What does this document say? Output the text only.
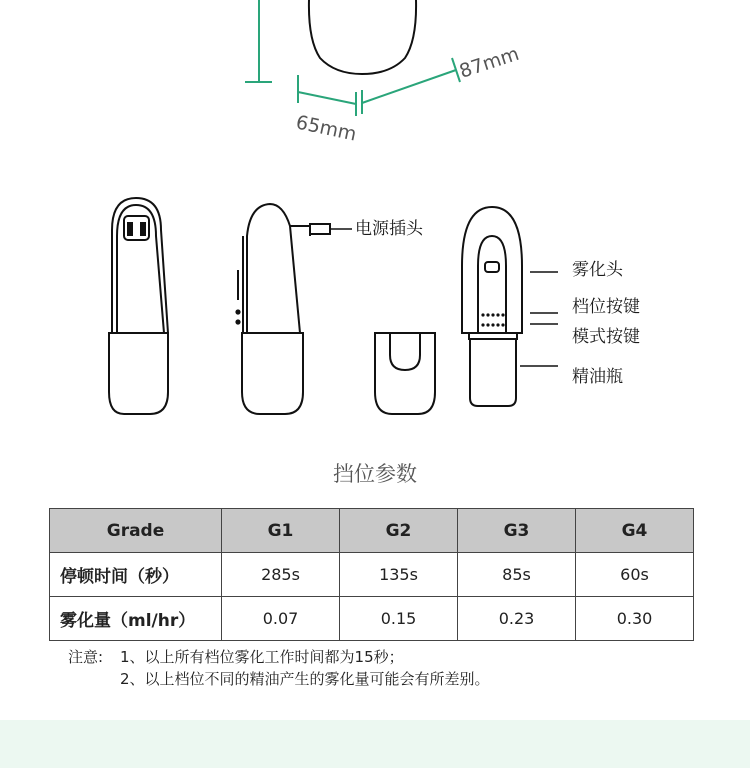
87mm
65mm
电源插头
雾化头
档位按键
模式按键
精油瓶
挡位参数
Grade	G1	G2	G3	G4
停顿时间（秒）	285s	135s	85s	60s
雾化量（ml/hr）	0.07	0.15	0.23	0.30
注意: 1、以上所有档位雾化工作时间都为15秒；
2、以上档位不同的精油产生的雾化量可能会有所差别。
